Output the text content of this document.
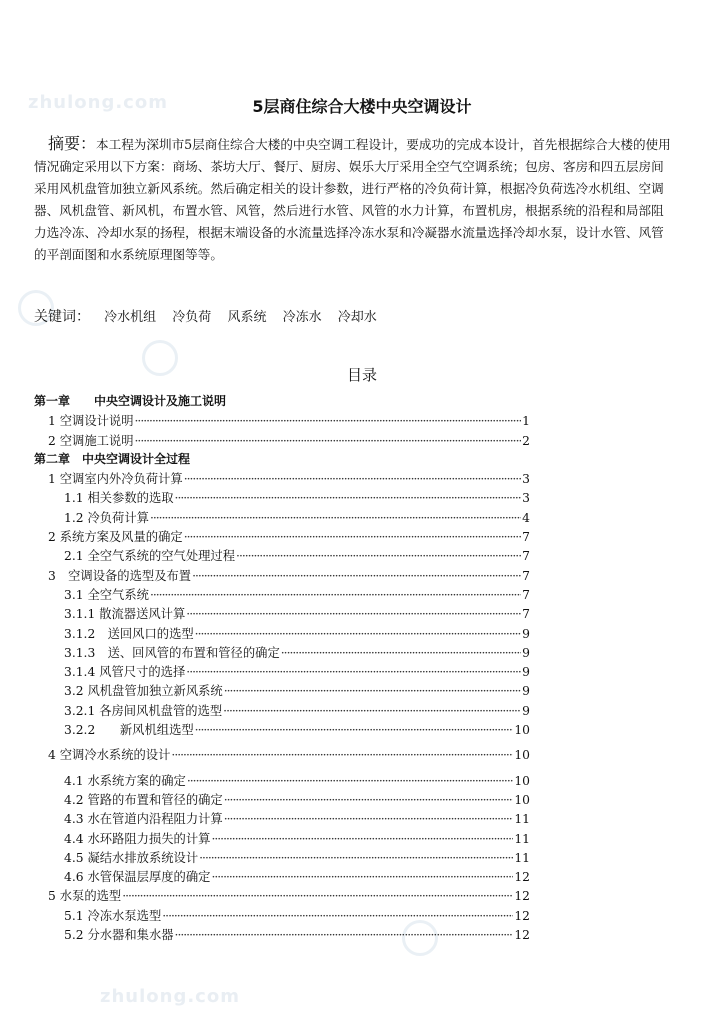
zhulong.com
zhulong.com
5层商住综合大楼中央空调设计
摘要：本工程为深圳市5层商住综合大楼的中央空调工程设计，要成功的完成本设计，首先根据综合大楼的使用情况确定采用以下方案：商场、茶坊大厅、餐厅、厨房、娱乐大厅采用全空气空调系统；包房、客房和四五层房间采用风机盘管加独立新风系统。然后确定相关的设计参数，进行严格的冷负荷计算，根据冷负荷选冷水机组、空调器、风机盘管、新风机，布置水管、风管，然后进行水管、风管的水力计算，布置机房，根据系统的沿程和局部阻力选冷冻、冷却水泵的扬程，根据末端设备的水流量选择冷冻水泵和冷凝器水流量选择冷却水泵，设计水管、风管的平剖面图和水系统原理图等等。
关键词： 冷水机组 冷负荷 风系统 冷冻水 冷却水
目录
第一章　　中央空调设计及施工说明
1 空调设计说明 ·····	1
2 空调施工说明 ·····	2
第二章　中央空调设计全过程
1 空调室内外冷负荷计算 ·····	3
1.1 相关参数的选取 ·····	3
1.2 冷负荷计算 ·····	4
2 系统方案及风量的确定 ·····	7
2.1 全空气系统的空气处理过程 ·····	7
3　空调设备的选型及布置 ·····	7
3.1 全空气系统 ·····	7
3.1.1 散流器送风计算 ·····	7
3.1.2　送回风口的选型 ·····	9
3.1.3　送、回风管的布置和管径的确定 ·····	9
3.1.4 风管尺寸的选择 ·····	9
3.2 风机盘管加独立新风系统 ·····	9
3.2.1 各房间风机盘管的选型 ·····	9
3.2.2　　新风机组选型 ·····	10
4 空调冷水系统的设计 ·····	10
4.1 水系统方案的确定 ·····	10
4.2 管路的布置和管径的确定 ·····	10
4.3 水在管道内沿程阻力计算 ·····	11
4.4 水环路阻力损失的计算 ·····	11
4.5 凝结水排放系统设计 ·····	11
4.6 水管保温层厚度的确定 ·····	12
5 水泵的选型 ·····	12
5.1 冷冻水泵选型 ·····	12
5.2 分水器和集水器 ·····	12
